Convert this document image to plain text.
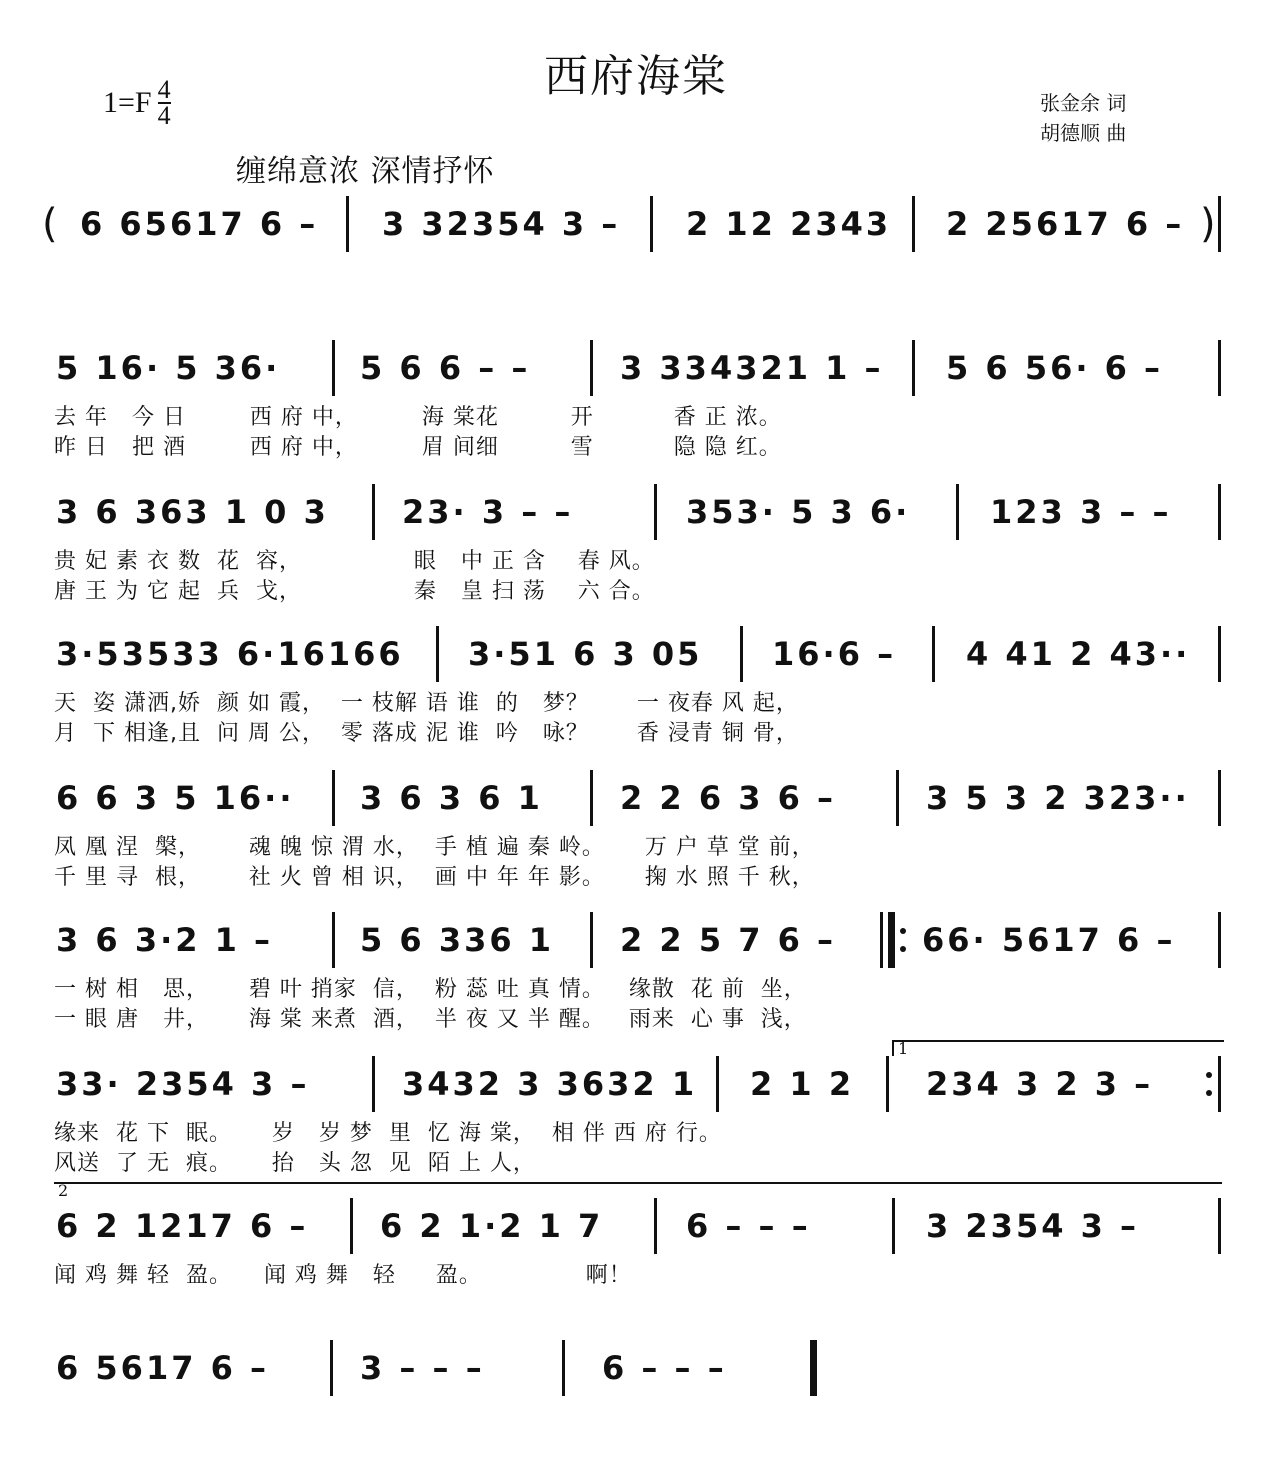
西府海棠
$1=F \frac{4}{4}$	张金余 词
胡德顺 曲
缠绵意浓 深情抒怀
( 6 65617 6 – 3 32354 3 – 2 12 2343 2 25617 6 – )
5 16· 5 36· 5 6 6 – –	3 334321 1 – 5 6 56· 6 –
去 年   今 日        西 府 中，        海 棠花         开          香 正 浓。
昨 日   把 酒        西 府 中，        眉 间细         雪          隐 隐 红。
3 6 363 1 0 3 23· 3 – –	353· 5 3 6· 123 3 – –
贵 妃 素 衣 数  花  容，              眼   中 正 含    春 风。
唐 王 为 它 起  兵  戈，              秦   皇 扫 荡    六 合。
3·53533 6·16166 3·51 6 3 05 16·6 – 4 41 2 43··
天  姿 潇洒,娇  颜 如 霞，  一 枝解 语 谁  的   梦？      一 夜春 风 起，
月  下 相逢,且  问 周 公，  零 落成 泥 谁  吟   咏？      香 浸青 铜 骨，
6 6 3 5 16·· 3 6 3 6 1 2 2 6 3 6 –	3 5 3 2 323··
凤 凰 涅  槃，      魂 魄 惊 渭 水，  手 植 遍 秦 岭。     万 户 草 堂 前，
千 里 寻  根，      社 火 曾 相 识，  画 中 年 年 影。     掬 水 照 千 秋，
3 6 3·2 1 –	5 6 336 1 2 2 5 7 6 –	66· 5617 6 –
一 树 相   思，     碧 叶 捎家  信，  粉 蕊 吐 真 情。   缘散  花 前  坐，
一 眼 唐   井，     海 棠 来煮  酒，  半 夜 又 半 醒。   雨来  心 事  浅，
33· 2354 3 –	3432 3 3632 1 2 1 2 234 3 2 3 –
1
缘来  花 下  眠。     岁   岁 梦  里  忆 海 棠，  相 伴 西 府 行。
风送  了 无  痕。     抬   头 忽  见  陌 上 人，
6 2 1217 6 – 6 2 1·2 1 7	6 – – –	3 2354 3 –
2
闻 鸡 舞 轻  盈。    闻 鸡 舞   轻     盈。             啊！
6 5617 6 –	3 – – –	6 – – –
